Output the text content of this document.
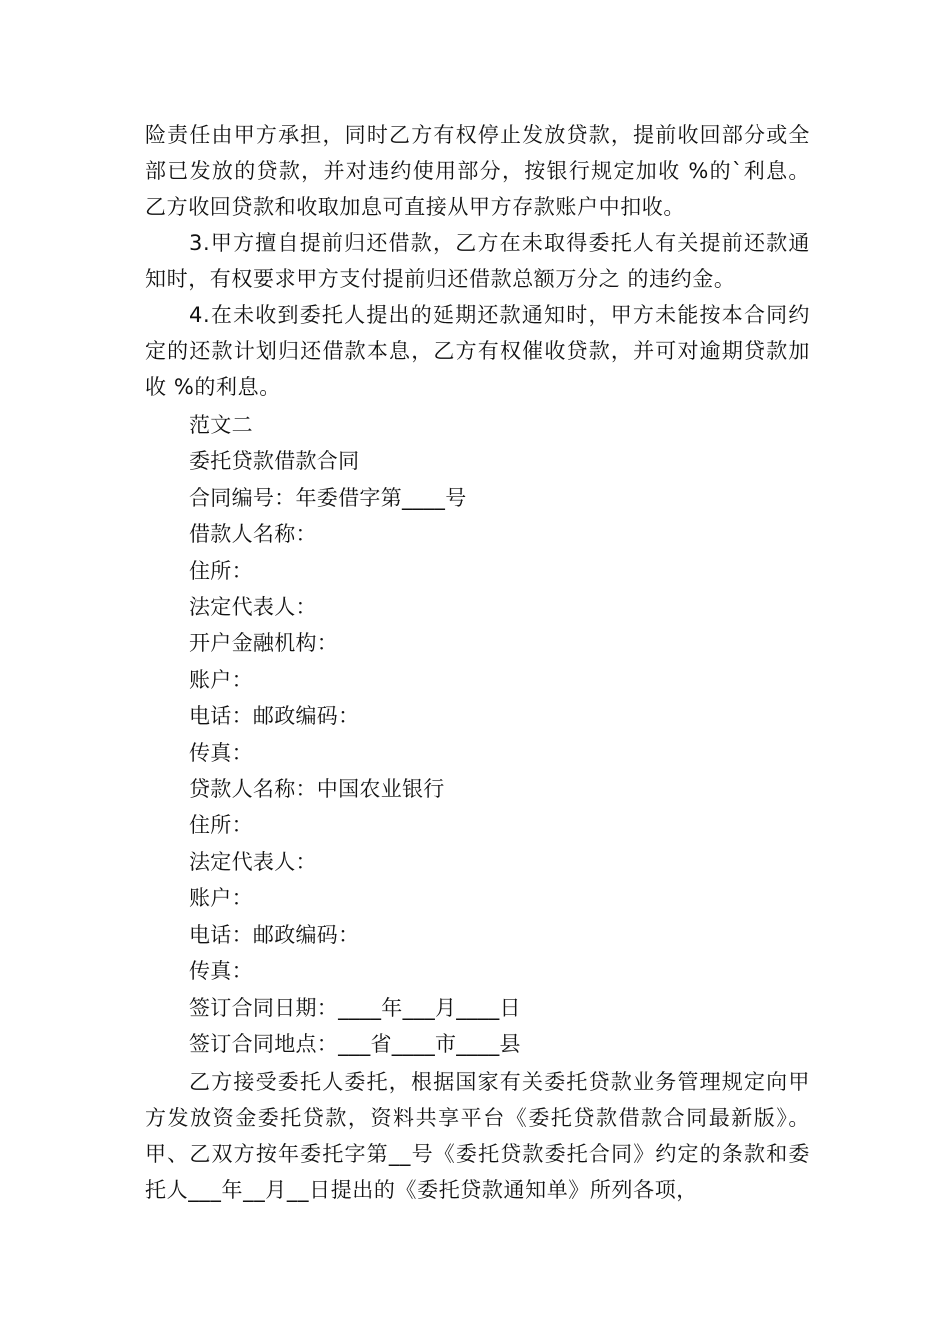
险责任由甲方承担，同时乙方有权停止发放贷款，提前收回部分或全部已发放的贷款，并对违约使用部分，按银行规定加收 %的`利息。乙方收回贷款和收取加息可直接从甲方存款账户中扣收。

3.甲方擅自提前归还借款，乙方在未取得委托人有关提前还款通知时，有权要求甲方支付提前归还借款总额万分之 的违约金。

4.在未收到委托人提出的延期还款通知时，甲方未能按本合同约定的还款计划归还借款本息，乙方有权催收贷款，并可对逾期贷款加收 %的利息。

范文二

委托贷款借款合同

合同编号：年委借字第____号

借款人名称：

住所：

法定代表人：

开户金融机构：

账户：

电话：邮政编码：

传真：

贷款人名称：中国农业银行

住所：

法定代表人：

账户：

电话：邮政编码：

传真：

签订合同日期：____年___月____日

签订合同地点：___省____市____县

乙方接受委托人委托，根据国家有关委托贷款业务管理规定向甲方发放资金委托贷款，资料共享平台《委托贷款借款合同最新版》。甲、乙双方按年委托字第__号《委托贷款委托合同》约定的条款和委托人___年__月__日提出的《委托贷款通知单》所列各项，
